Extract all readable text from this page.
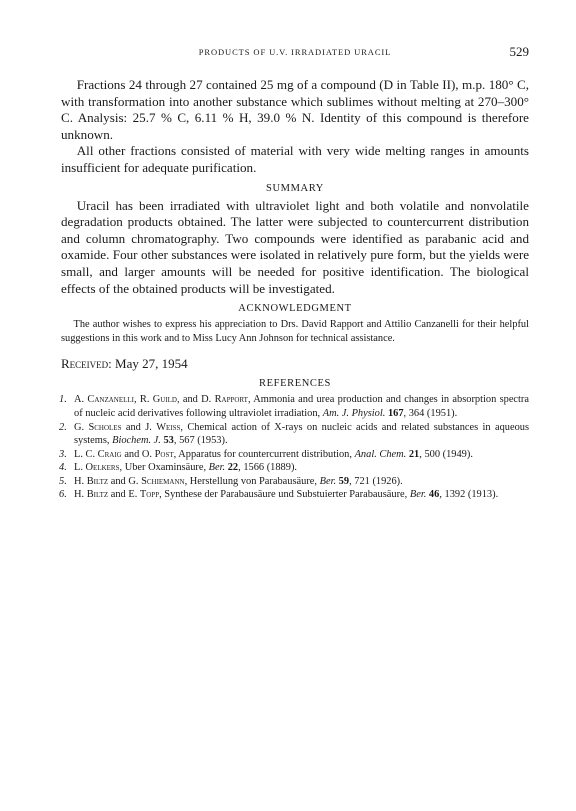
PRODUCTS OF U.V. IRRADIATED URACIL	529

Fractions 24 through 27 contained 25 mg of a compound (D in Table II), m.p. 180° C, with transformation into another substance which sublimes without melting at 270–300° C. Analysis: 25.7 % C, 6.11 % H, 39.0 % N. Identity of this compound is therefore unknown.

All other fractions consisted of material with very wide melting ranges in amounts insufficient for adequate purification.

SUMMARY

Uracil has been irradiated with ultraviolet light and both volatile and nonvolatile degradation products obtained. The latter were subjected to countercurrent distribution and column chromatography. Two compounds were identified as parabanic acid and oxamide. Four other substances were isolated in relatively pure form, but the yields were small, and larger amounts will be needed for positive identification. The biological effects of the obtained products will be investigated.

ACKNOWLEDGMENT

The author wishes to express his appreciation to Drs. David Rapport and Attilio Canzanelli for their helpful suggestions in this work and to Miss Lucy Ann Johnson for technical assistance.

Received: May 27, 1954
REFERENCES
1. A. Canzanelli, R. Guild, and D. Rapport, Ammonia and urea production and changes in absorption spectra of nucleic acid derivatives following ultraviolet irradiation, Am. J. Physiol. 167, 364 (1951).
2. G. Scholes and J. Weiss, Chemical action of X-rays on nucleic acids and related substances in aqueous systems, Biochem. J. 53, 567 (1953).
3. L. C. Craig and O. Post, Apparatus for countercurrent distribution, Anal. Chem. 21, 500 (1949).
4. L. Oelkers, Uber Oxaminsäure, Ber. 22, 1566 (1889).
5. H. Biltz and G. Schiemann, Herstellung von Parabausäure, Ber. 59, 721 (1926).
6. H. Biltz and E. Topp, Synthese der Parabausäure und Substuierter Parabausäure, Ber. 46, 1392 (1913).
